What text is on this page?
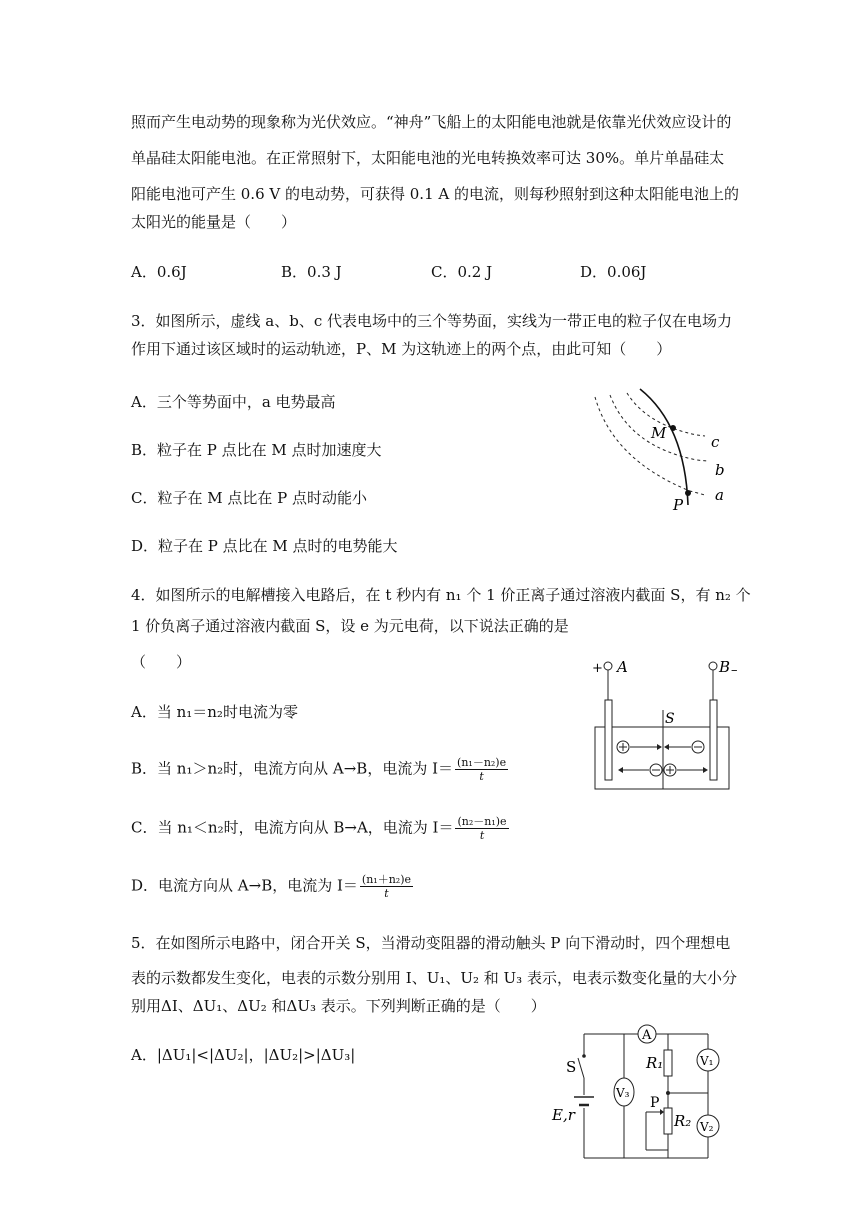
照而产生电动势的现象称为光伏效应。“神舟”飞船上的太阳能电池就是依靠光伏效应设计的
单晶硅太阳能电池。在正常照射下，太阳能电池的光电转换效率可达 30%。单片单晶硅太
阳能电池可产生 0.6 V 的电动势，可获得 0.1 A 的电流，则每秒照射到这种太阳能电池上的
太阳光的能量是（　　）
A．0.6J	B．0.3 J	C．0.2 J	D．0.06J
3．如图所示，虚线 a、b、c 代表电场中的三个等势面，实线为一带正电的粒子仅在电场力
作用下通过该区域时的运动轨迹，P、M 为这轨迹上的两个点，由此可知（　　）
A．三个等势面中，a 电势最高
B．粒子在 P 点比在 M 点时加速度大
C．粒子在 M 点比在 P 点时动能小
D．粒子在 P 点比在 M 点时的电势能大
M	c
b
P
a
4．如图所示的电解槽接入电路后，在 t 秒内有 n₁ 个 1 价正离子通过溶液内截面 S，有 n₂ 个
1 价负离子通过溶液内截面 S，设 e 为元电荷，以下说法正确的是
（　　）
A．当 n₁＝n₂时电流为零
B．当 n₁＞n₂时，电流方向从 A→B，电流为 $I= \frac{\text{(n₁－n₂)e}}{t}$
C．当 n₁＜n₂时，电流方向从 B→A，电流为 $I= \frac{\text{(n₂－n₁)e}}{t}$
D．电流方向从 A→B，电流为 $I= \frac{\text{(n₁＋n₂)e}}{t}$
+ A	B –
S
5．在如图所示电路中，闭合开关 S，当滑动变阻器的滑动触头 P 向下滑动时，四个理想电
表的示数都发生变化，电表的示数分别用 I、U₁、U₂ 和 U₃ 表示，电表示数变化量的大小分
别用ΔI、ΔU₁、ΔU₂ 和ΔU₃ 表示。下列判断正确的是（　　）
A．|ΔU₁|<|ΔU₂|，|ΔU₂|>|ΔU₃|
S
E,r
A
V₃
R₁
R₂
P
V₁
V₂
